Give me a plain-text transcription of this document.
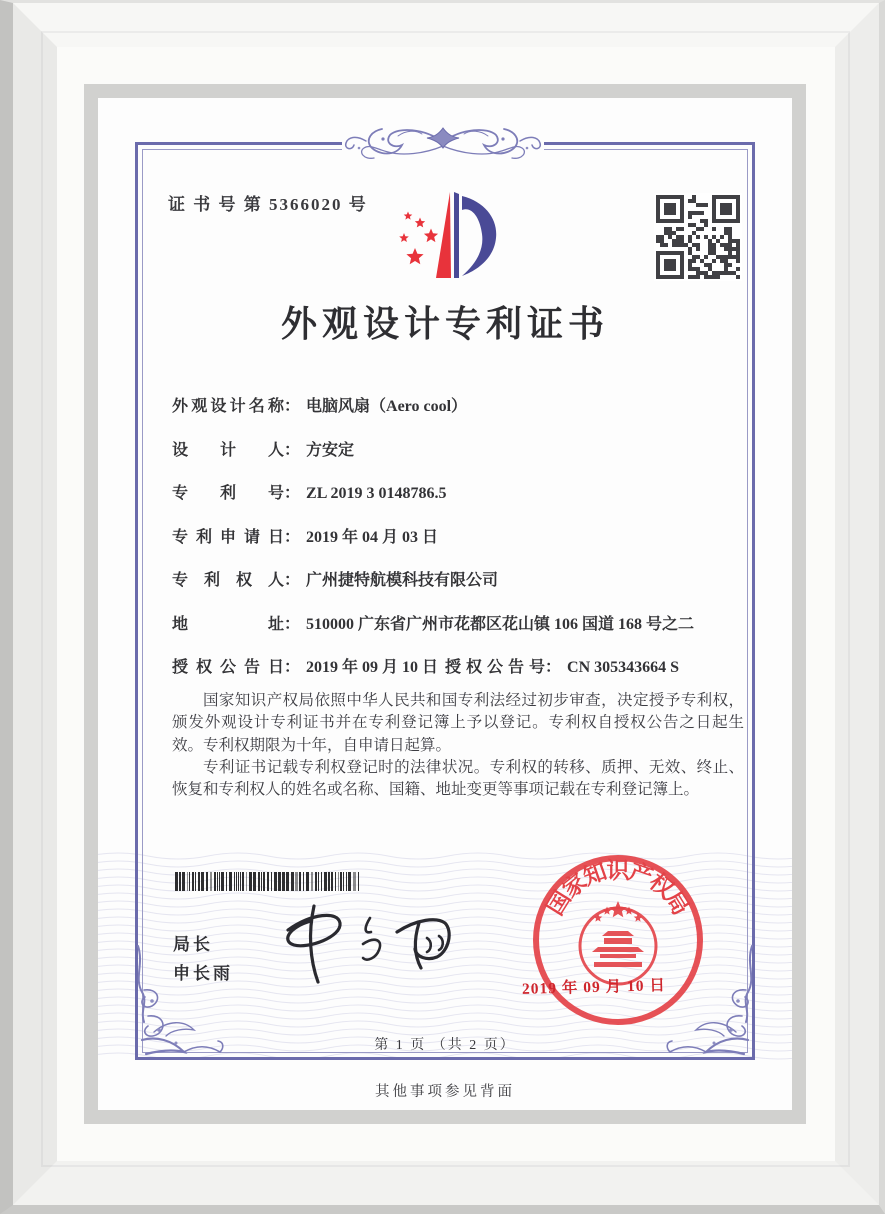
证 书 号 第 5366020 号
外观设计专利证书
外观设计名称： 电脑风扇（Aero cool）
设计人： 方安定
专利号： ZL 2019 3 0148786.5
专利申请日： 2019 年 04 月 03 日
专利权人： 广州捷特航模科技有限公司
地址： 510000 广东省广州市花都区花山镇 106 国道 168 号之二
授权公告日： 2019 年 09 月 10 日 授权公告号： CN 305343664 S

国家知识产权局依照中华人民共和国专利法经过初步审查，决定授予专利权，颁发外观设计专利证书并在专利登记簿上予以登记。专利权自授权公告之日起生效。专利权期限为十年，自申请日起算。

专利证书记载专利权登记时的法律状况。专利权的转移、质押、无效、终止、恢复和专利权人的姓名或名称、国籍、地址变更等事项记载在专利登记簿上。

局长
申长雨
国
家
知
识
产
权
局
2019 年 09 月 10 日
第 1 页 （共 2 页）
其他事项参见背面
